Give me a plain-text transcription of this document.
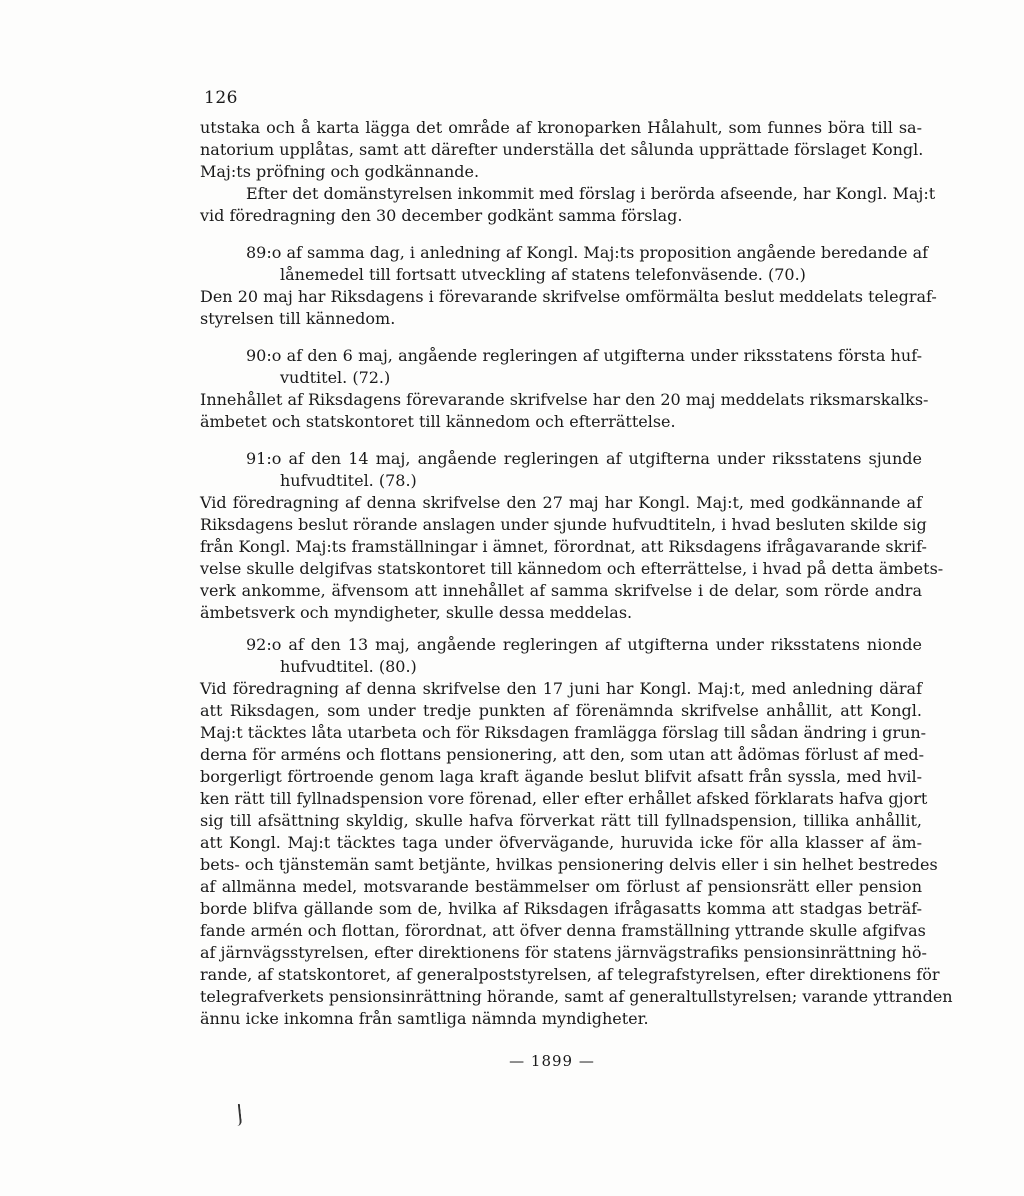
126
utstaka och å karta lägga det område af kronoparken Hålahult, som funnes böra till sa-
natorium upplåtas, samt att därefter underställa det sålunda upprättade förslaget Kongl.
Maj:ts pröfning och godkännande.
Efter det domänstyrelsen inkommit med förslag i berörda afseende, har Kongl. Maj:t
vid föredragning den 30 december godkänt samma förslag.
89:o af samma dag, i anledning af Kongl. Maj:ts proposition angående beredande af
lånemedel till fortsatt utveckling af statens telefonväsende. (70.)
Den 20 maj har Riksdagens i förevarande skrifvelse omförmälta beslut meddelats telegraf-
styrelsen till kännedom.
90:o af den 6 maj, angående regleringen af utgifterna under riksstatens första huf-
vudtitel. (72.)
Innehållet af Riksdagens förevarande skrifvelse har den 20 maj meddelats riksmarskalks-
ämbetet och statskontoret till kännedom och efterrättelse.
91:o af den 14 maj, angående regleringen af utgifterna under riksstatens sjunde
hufvudtitel. (78.)
Vid föredragning af denna skrifvelse den 27 maj har Kongl. Maj:t, med godkännande af
Riksdagens beslut rörande anslagen under sjunde hufvudtiteln, i hvad besluten skilde sig
från Kongl. Maj:ts framställningar i ämnet, förordnat, att Riksdagens ifrågavarande skrif-
velse skulle delgifvas statskontoret till kännedom och efterrättelse, i hvad på detta ämbets-
verk ankomme, äfvensom att innehållet af samma skrifvelse i de delar, som rörde andra
ämbetsverk och myndigheter, skulle dessa meddelas.
92:o af den 13 maj, angående regleringen af utgifterna under riksstatens nionde
hufvudtitel. (80.)
Vid föredragning af denna skrifvelse den 17 juni har Kongl. Maj:t, med anledning däraf
att Riksdagen, som under tredje punkten af förenämnda skrifvelse anhållit, att Kongl.
Maj:t täcktes låta utarbeta och för Riksdagen framlägga förslag till sådan ändring i grun-
derna för arméns och flottans pensionering, att den, som utan att ådömas förlust af med-
borgerligt förtroende genom laga kraft ägande beslut blifvit afsatt från syssla, med hvil-
ken rätt till fyllnadspension vore förenad, eller efter erhållet afsked förklarats hafva gjort
sig till afsättning skyldig, skulle hafva förverkat rätt till fyllnadspension, tillika anhållit,
att Kongl. Maj:t täcktes taga under öfvervägande, huruvida icke för alla klasser af äm-
bets- och tjänstemän samt betjänte, hvilkas pensionering delvis eller i sin helhet bestredes
af allmänna medel, motsvarande bestämmelser om förlust af pensionsrätt eller pension
borde blifva gällande som de, hvilka af Riksdagen ifrågasatts komma att stadgas beträf-
fande armén och flottan, förordnat, att öfver denna framställning yttrande skulle afgifvas
af järnvägsstyrelsen, efter direktionens för statens järnvägstrafiks pensionsinrättning hö-
rande, af statskontoret, af generalpoststyrelsen, af telegrafstyrelsen, efter direktionens för
telegrafverkets pensionsinrättning hörande, samt af generaltullstyrelsen; varande yttranden
ännu icke inkomna från samtliga nämnda myndigheter.
— 1899 —
